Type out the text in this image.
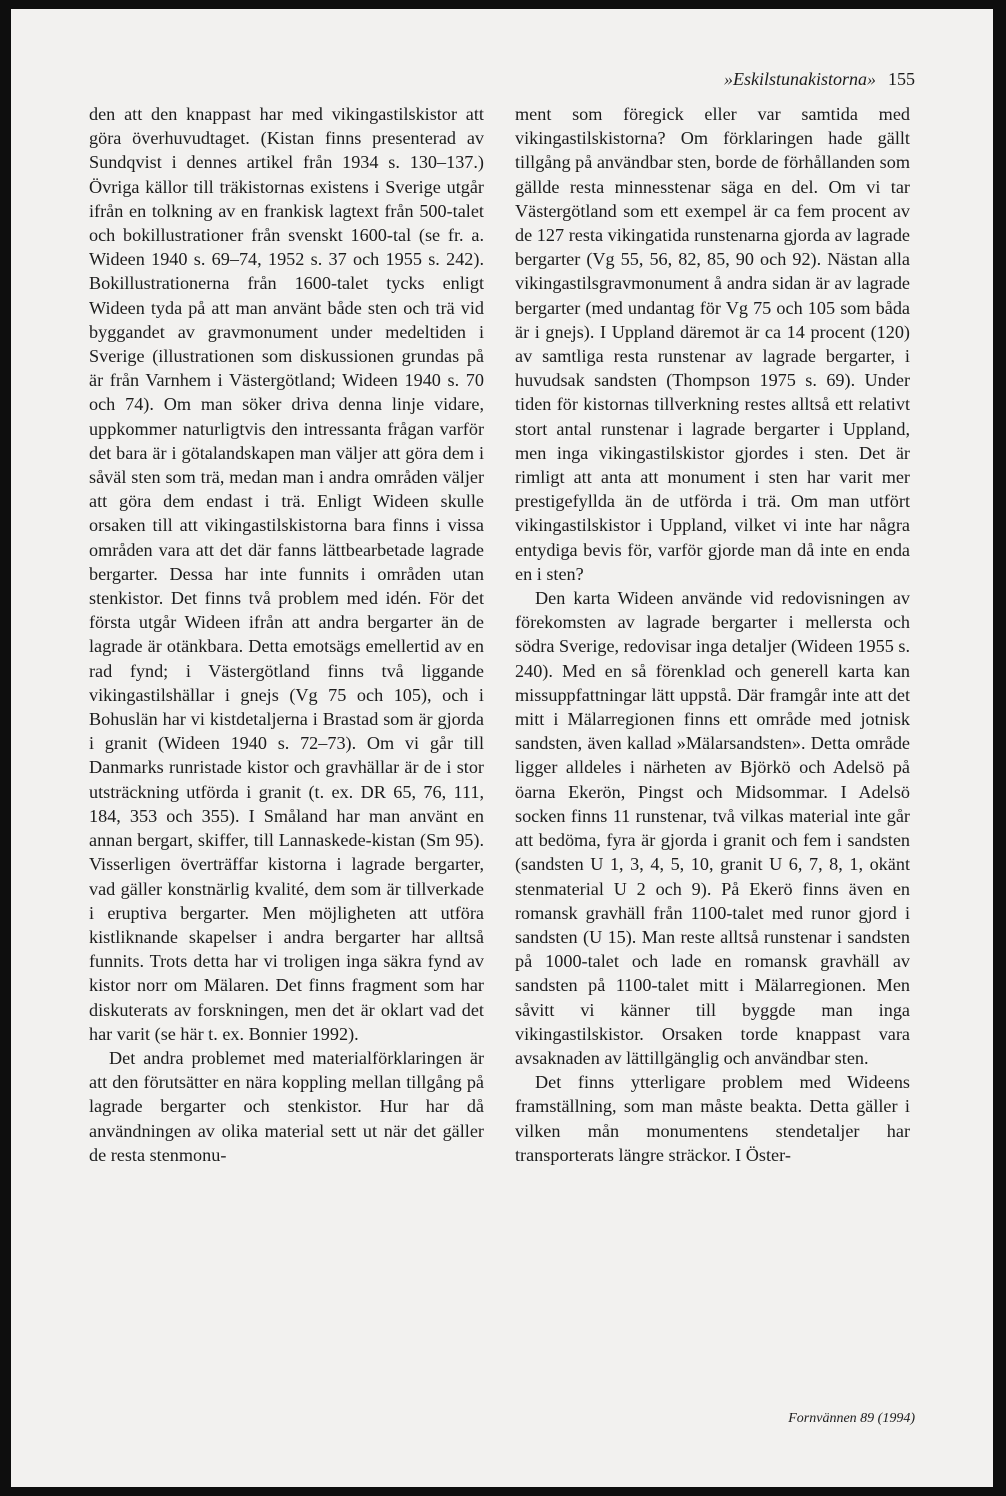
»Eskilstunakistorna» 155

den att den knappast har med vikingastilskistor att göra överhuvudtaget. (Kistan finns presenterad av Sundqvist i dennes artikel från 1934 s. 130–137.) Övriga källor till träkistornas existens i Sverige utgår ifrån en tolkning av en frankisk lagtext från 500-talet och bokillustrationer från svenskt 1600-tal (se fr. a. Wideen 1940 s. 69–74, 1952 s. 37 och 1955 s. 242). Bokillustrationerna från 1600-talet tycks enligt Wideen tyda på att man använt både sten och trä vid byggandet av gravmonument under medeltiden i Sverige (illustrationen som diskussionen grundas på är från Varnhem i Västergötland; Wideen 1940 s. 70 och 74). Om man söker driva denna linje vidare, uppkommer naturligtvis den intressanta frågan varför det bara är i götalandskapen man väljer att göra dem i såväl sten som trä, medan man i andra områden väljer att göra dem endast i trä. Enligt Wideen skulle orsaken till att vikingastilskistorna bara finns i vissa områden vara att det där fanns lättbearbetade lagrade bergarter. Dessa har inte funnits i områden utan stenkistor. Det finns två problem med idén. För det första utgår Wideen ifrån att andra bergarter än de lagrade är otänkbara. Detta emotsägs emellertid av en rad fynd; i Västergötland finns två liggande vikingastilshällar i gnejs (Vg 75 och 105), och i Bohuslän har vi kistdetaljerna i Brastad som är gjorda i granit (Wideen 1940 s. 72–73). Om vi går till Danmarks runristade kistor och gravhällar är de i stor utsträckning utförda i granit (t. ex. DR 65, 76, 111, 184, 353 och 355). I Småland har man använt en annan bergart, skiffer, till Lannaskede-kistan (Sm 95). Visserligen överträffar kistorna i lagrade bergarter, vad gäller konstnärlig kvalité, dem som är tillverkade i eruptiva bergarter. Men möjligheten att utföra kistliknande skapelser i andra bergarter har alltså funnits. Trots detta har vi troligen inga säkra fynd av kistor norr om Mälaren. Det finns fragment som har diskuterats av forskningen, men det är oklart vad det har varit (se här t. ex. Bonnier 1992).

Det andra problemet med materialförklaringen är att den förutsätter en nära koppling mellan tillgång på lagrade bergarter och stenkistor. Hur har då användningen av olika material sett ut när det gäller de resta stenmonu-

ment som föregick eller var samtida med vikingastilskistorna? Om förklaringen hade gällt tillgång på användbar sten, borde de förhållanden som gällde resta minnesstenar säga en del. Om vi tar Västergötland som ett exempel är ca fem procent av de 127 resta vikingatida runstenarna gjorda av lagrade bergarter (Vg 55, 56, 82, 85, 90 och 92). Nästan alla vikingastilsgravmonument å andra sidan är av lagrade bergarter (med undantag för Vg 75 och 105 som båda är i gnejs). I Uppland däremot är ca 14 procent (120) av samtliga resta runstenar av lagrade bergarter, i huvudsak sandsten (Thompson 1975 s. 69). Under tiden för kistornas tillverkning restes alltså ett relativt stort antal runstenar i lagrade bergarter i Uppland, men inga vikingastilskistor gjordes i sten. Det är rimligt att anta att monument i sten har varit mer prestigefyllda än de utförda i trä. Om man utfört vikingastilskistor i Uppland, vilket vi inte har några entydiga bevis för, varför gjorde man då inte en enda en i sten?

Den karta Wideen använde vid redovisningen av förekomsten av lagrade bergarter i mellersta och södra Sverige, redovisar inga detaljer (Wideen 1955 s. 240). Med en så förenklad och generell karta kan missuppfattningar lätt uppstå. Där framgår inte att det mitt i Mälarregionen finns ett område med jotnisk sandsten, även kallad »Mälarsandsten». Detta område ligger alldeles i närheten av Björkö och Adelsö på öarna Ekerön, Pingst och Midsommar. I Adelsö socken finns 11 runstenar, två vilkas material inte går att bedöma, fyra är gjorda i granit och fem i sandsten (sandsten U 1, 3, 4, 5, 10, granit U 6, 7, 8, 1, okänt stenmaterial U 2 och 9). På Ekerö finns även en romansk gravhäll från 1100-talet med runor gjord i sandsten (U 15). Man reste alltså runstenar i sandsten på 1000-talet och lade en romansk gravhäll av sandsten på 1100-talet mitt i Mälarregionen. Men såvitt vi känner till byggde man inga vikingastilskistor. Orsaken torde knappast vara avsaknaden av lättillgänglig och användbar sten.

Det finns ytterligare problem med Wideens framställning, som man måste beakta. Detta gäller i vilken mån monumentens stendetaljer har transporterats längre sträckor. I Öster-

Fornvännen 89 (1994)
